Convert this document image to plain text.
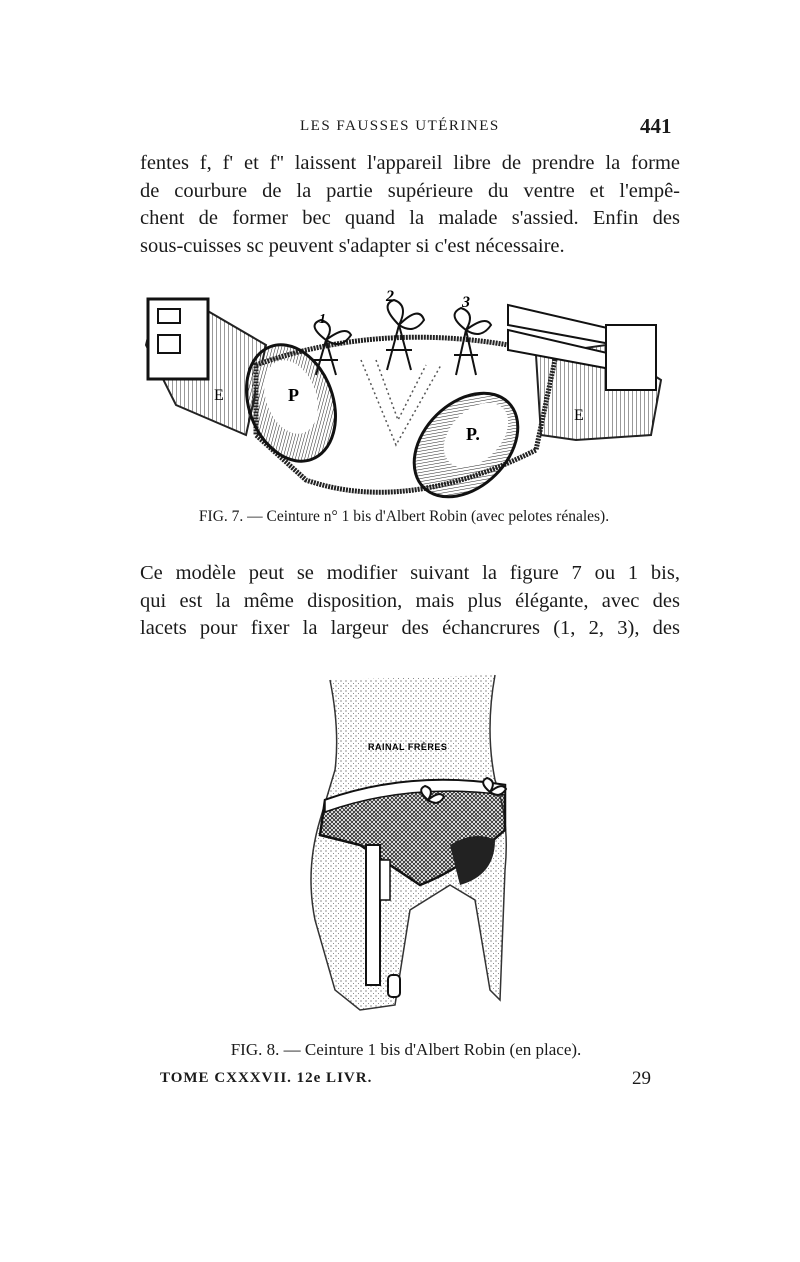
LES FAUSSES UTÉRINES	441
fentes f, f' et f'' laissent l'appareil libre de prendre la forme
de courbure de la partie supérieure du ventre et l'empê-
chent de former bec quand la malade s'assied. Enfin des
sous-cuisses sc peuvent s'adapter si c'est nécessaire.
P
P.
E
E
1
2	3
FIG. 7. — Ceinture n° 1 bis d'Albert Robin (avec pelotes rénales).
Ce modèle peut se modifier suivant la figure 7 ou 1 bis,
qui est la même disposition, mais plus élégante, avec des
lacets pour fixer la largeur des échancrures (1, 2, 3), des
RAINAL FRÈRES
FIG. 8. — Ceinture 1 bis d'Albert Robin (en place).
TOME CXXXVII. 12e LIVR.	29
